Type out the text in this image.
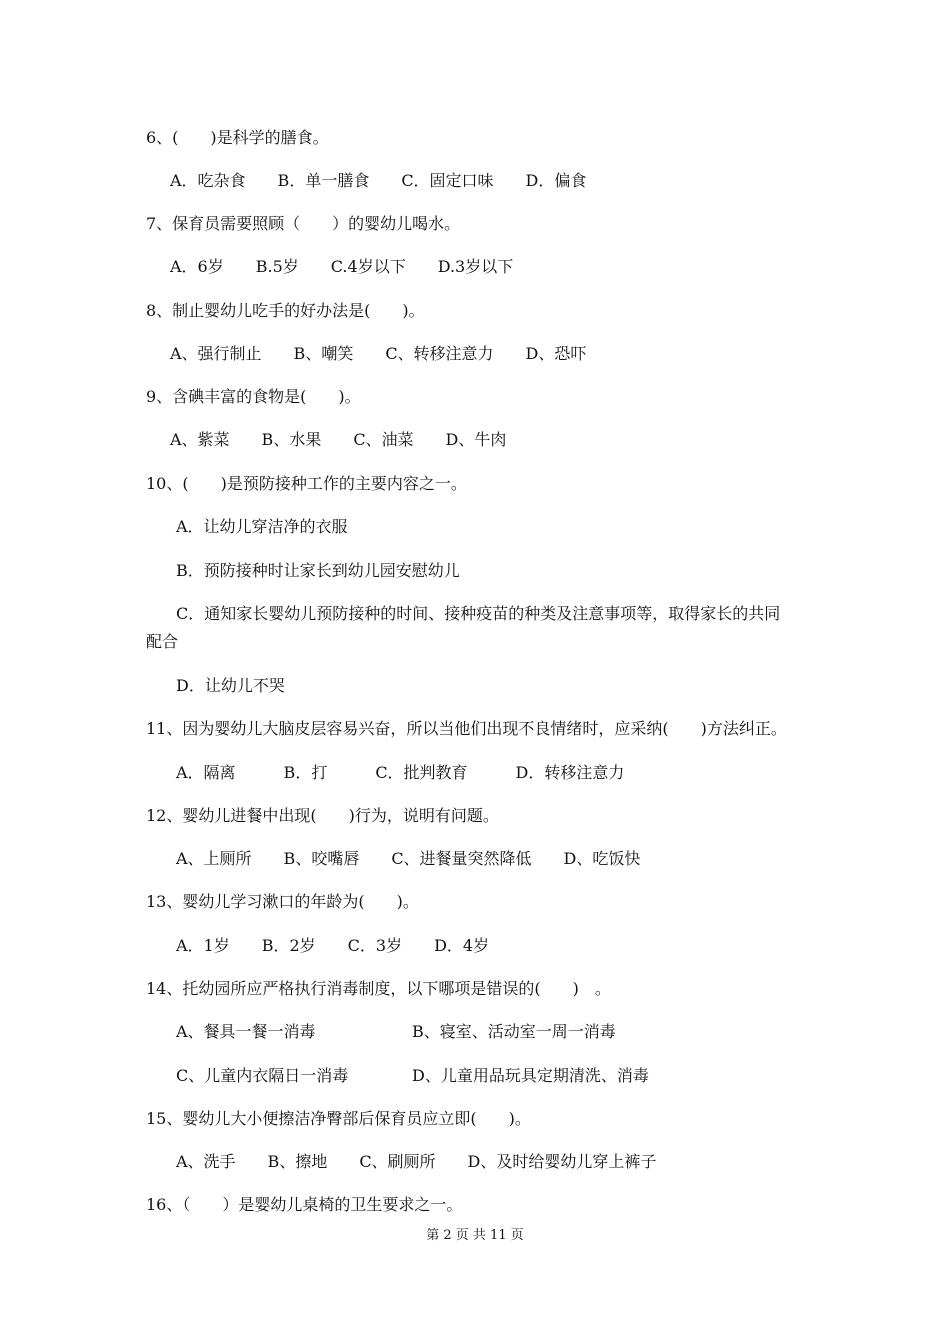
6、(　　)是科学的膳食。
A．吃杂食　　B．单一膳食　　C．固定口味　　D．偏食
7、保育员需要照顾（　　）的婴幼儿喝水。
A．6岁　　B.5岁　　C.4岁以下　　D.3岁以下
8、制止婴幼儿吃手的好办法是(　　)。
A、强行制止　　B、嘲笑　　C、转移注意力　　D、恐吓
9、含碘丰富的食物是(　　)。
A、紫菜　　B、水果　　C、油菜　　D、牛肉
10、(　　)是预防接种工作的主要内容之一。
A．让幼儿穿洁净的衣服
B．预防接种时让家长到幼儿园安慰幼儿
C．通知家长婴幼儿预防接种的时间、接种疫苗的种类及注意事项等，取得家长的共同
配合
D．让幼儿不哭
11、因为婴幼儿大脑皮层容易兴奋，所以当他们出现不良情绪时，应采纳(　　)方法纠正。
A．隔离　　　B．打　　　C．批判教育　　　D．转移注意力
12、婴幼儿进餐中出现(　　)行为，说明有问题。
A、上厕所　　B、咬嘴唇　　C、进餐量突然降低　　D、吃饭快
13、婴幼儿学习漱口的年龄为(　　)。
A．1岁　　B．2岁　　C．3岁　　D．4岁
14、托幼园所应严格执行消毒制度，以下哪项是错误的(　　)　。
A、餐具一餐一消毒	B、寝室、活动室一周一消毒
C、儿童内衣隔日一消毒	D、儿童用品玩具定期清洗、消毒
15、婴幼儿大小便擦洁净臀部后保育员应立即(　　)。
A、洗手　　B、擦地　　C、刷厕所　　D、及时给婴幼儿穿上裤子
16、（　　）是婴幼儿桌椅的卫生要求之一。
第 2 页 共 11 页
